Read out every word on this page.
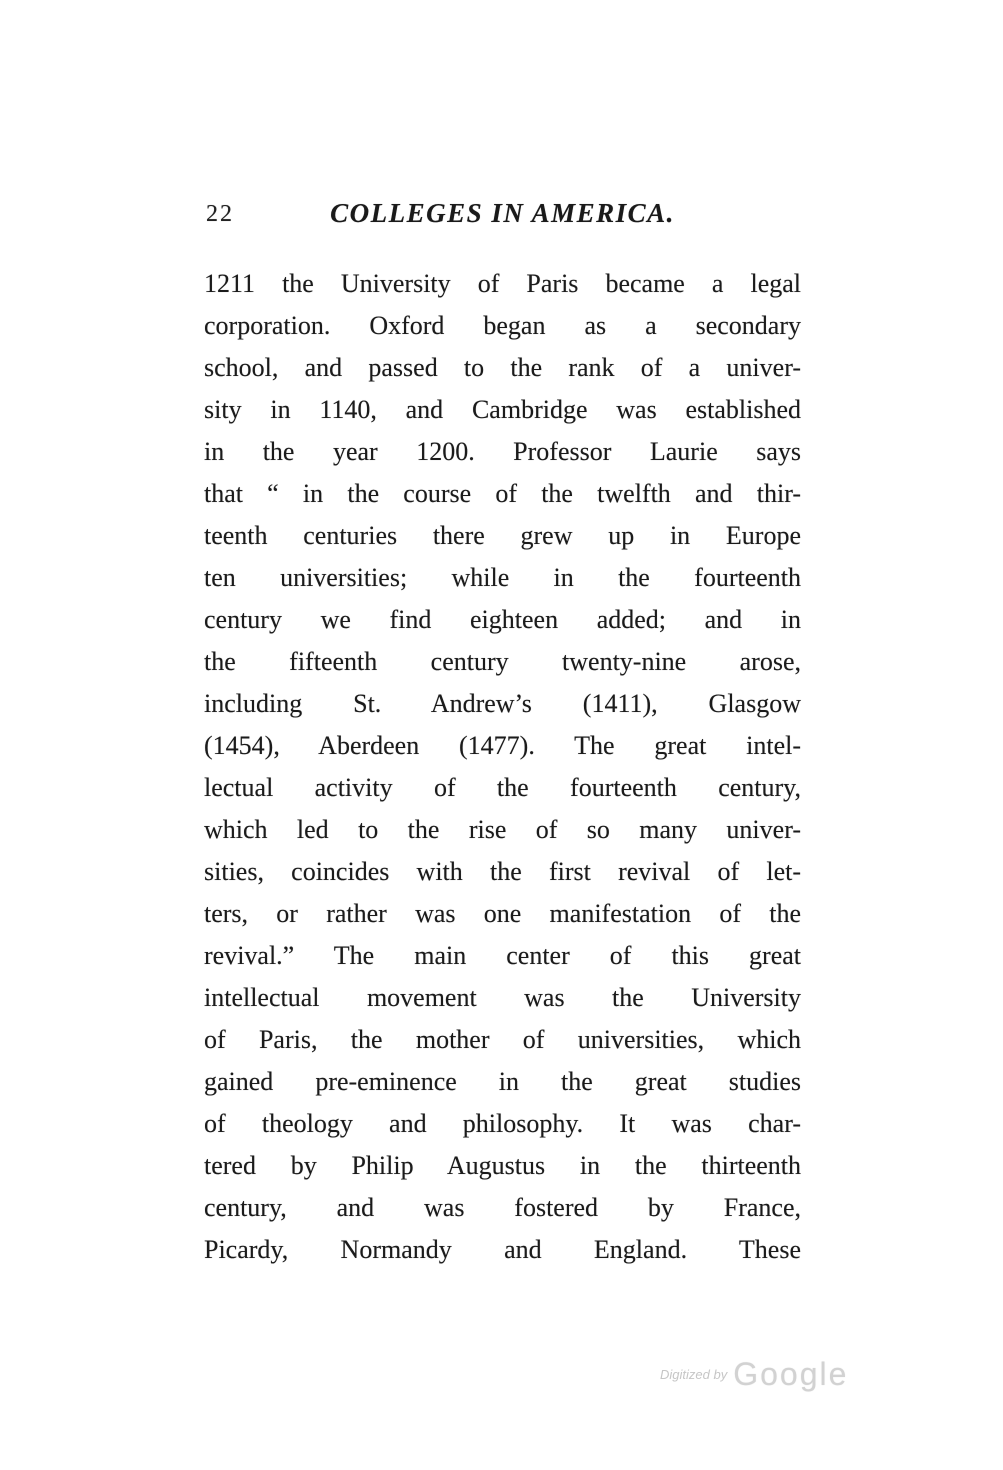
22	COLLEGES IN AMERICA.
1211 the University of Paris became a legal
corporation. Oxford began as a secondary
school, and passed to the rank of a univer-
sity in 1140, and Cambridge was established
in the year 1200. Professor Laurie says
that “ in the course of the twelfth and thir-
teenth centuries there grew up in Europe
ten universities; while in the fourteenth
century we find eighteen added; and in
the fifteenth century twenty-nine arose,
including St. Andrew’s (1411), Glasgow
(1454), Aberdeen (1477). The great intel-
lectual activity of the fourteenth century,
which led to the rise of so many univer-
sities, coincides with the first revival of let-
ters, or rather was one manifestation of the
revival.” The main center of this great
intellectual movement was the University
of Paris, the mother of universities, which
gained pre-eminence in the great studies
of theology and philosophy. It was char-
tered by Philip Augustus in the thirteenth
century, and was fostered by France,
Picardy, Normandy and England. These
$^{Digitized by}$ Google
